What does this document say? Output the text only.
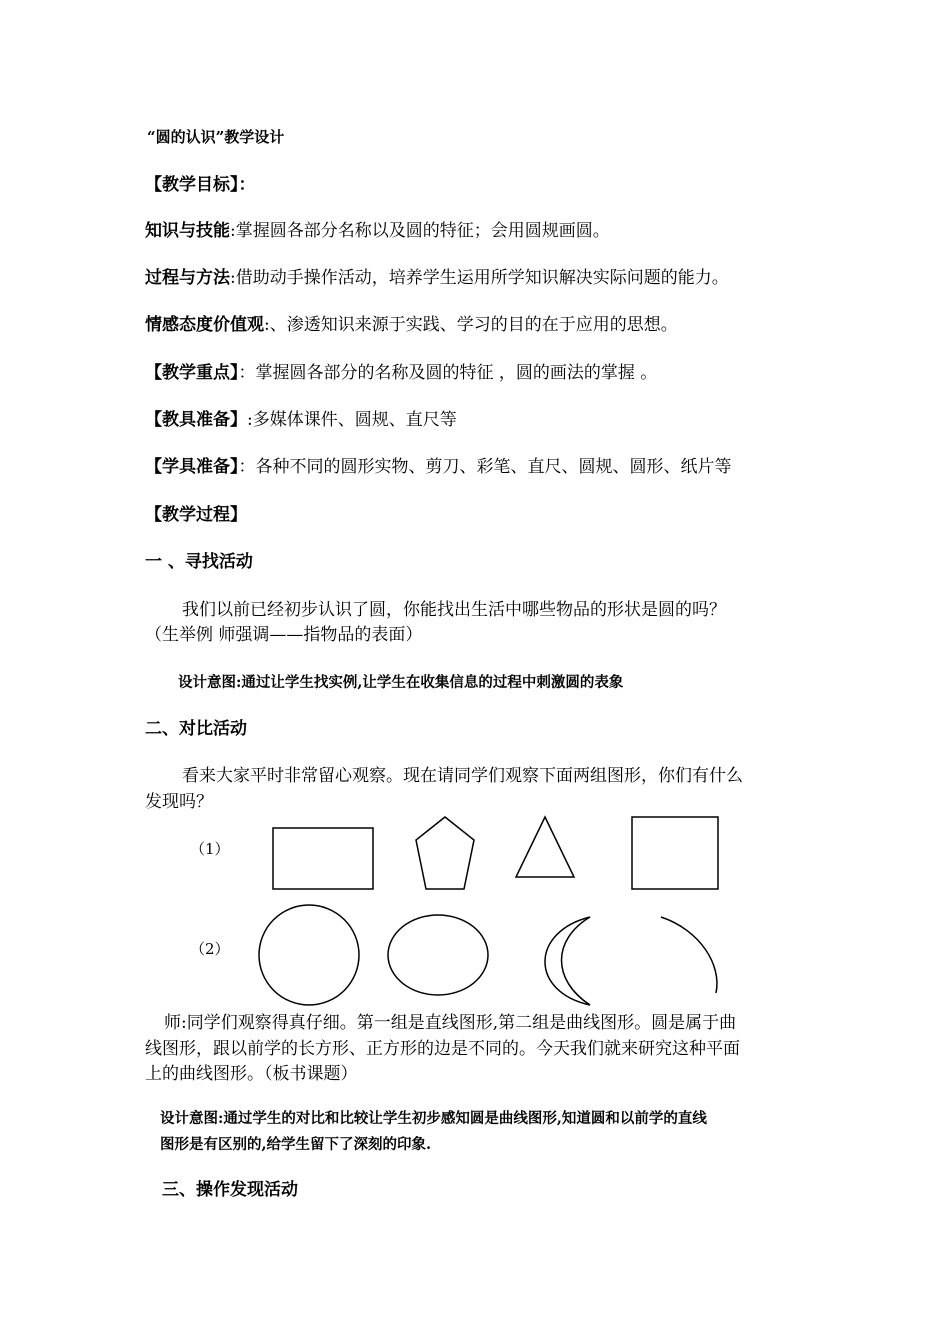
“圆的认识”教学设计
【教学目标】：
知识与技能:掌握圆各部分名称以及圆的特征；会用圆规画圆。
过程与方法:借助动手操作活动，培养学生运用所学知识解决实际问题的能力。
情感态度价值观:、渗透知识来源于实践、学习的目的在于应用的思想。
【教学重点】：掌握圆各部分的名称及圆的特征 ，圆的画法的掌握 。
【教具准备】:多媒体课件、圆规、直尺等
【学具准备】：各种不同的圆形实物、剪刀、彩笔、直尺、圆规、圆形、纸片等
【教学过程】
一 、寻找活动
我们以前已经初步认识了圆，你能找出生活中哪些物品的形状是圆的吗？
（生举例 师强调——指物品的表面）
设计意图:通过让学生找实例,让学生在收集信息的过程中刺激圆的表象
二、对比活动
看来大家平时非常留心观察。现在请同学们观察下面两组图形，你们有什么
发现吗？
（1）
（2）
师:同学们观察得真仔细。第一组是直线图形,第二组是曲线图形。圆是属于曲
线图形，跟以前学的长方形、正方形的边是不同的。今天我们就来研究这种平面
上的曲线图形。（板书课题）
设计意图:通过学生的对比和比较让学生初步感知圆是曲线图形,知道圆和以前学的直线
图形是有区别的,给学生留下了深刻的印象.
三、操作发现活动
